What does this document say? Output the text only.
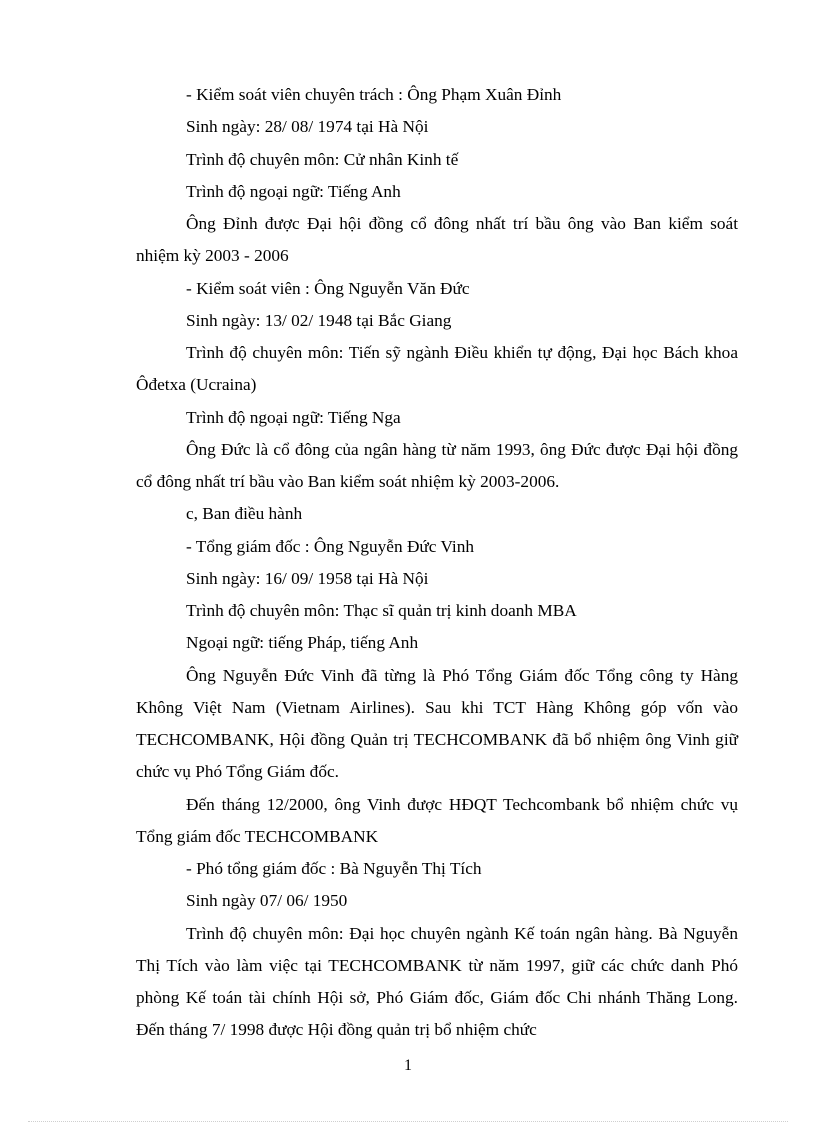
- Kiểm soát viên chuyên trách : Ông Phạm Xuân Đỉnh

Sinh ngày: 28/ 08/ 1974 tại Hà Nội

Trình độ chuyên môn: Cử nhân Kinh tế

Trình độ ngoại ngữ: Tiếng Anh

Ông Đỉnh được Đại hội đồng cổ đông nhất trí bầu ông vào Ban kiểm soát nhiệm kỳ 2003 - 2006

- Kiểm soát viên : Ông Nguyễn Văn Đức

Sinh ngày: 13/ 02/ 1948 tại Bắc Giang

Trình độ chuyên môn: Tiến sỹ ngành Điều khiển tự động, Đại học Bách khoa Ôđetxa (Ucraina)

Trình độ ngoại ngữ: Tiếng Nga

Ông Đức là cổ đông của ngân hàng từ năm 1993, ông Đức được Đại hội đồng cổ đông nhất trí bầu vào Ban kiểm soát nhiệm kỳ 2003-2006.

c, Ban điều hành

- Tổng giám đốc : Ông Nguyễn Đức Vinh

Sinh ngày: 16/ 09/ 1958 tại Hà Nội

Trình độ chuyên môn: Thạc sĩ quản trị kinh doanh MBA

Ngoại ngữ: tiếng Pháp, tiếng Anh

Ông Nguyễn Đức Vinh đã từng là Phó Tổng Giám đốc Tổng công ty Hàng Không Việt Nam (Vietnam Airlines). Sau khi TCT Hàng Không góp vốn vào TECHCOMBANK, Hội đồng Quản trị TECHCOMBANK đã bổ nhiệm ông Vinh giữ chức vụ Phó Tổng Giám đốc.

Đến tháng 12/2000, ông Vinh được HĐQT Techcombank bổ nhiệm chức vụ Tổng giám đốc TECHCOMBANK

- Phó tổng giám đốc : Bà Nguyễn Thị Tích

Sinh ngày 07/ 06/ 1950

Trình độ chuyên môn: Đại học chuyên ngành Kế toán ngân hàng. Bà Nguyễn Thị Tích vào làm việc tại TECHCOMBANK từ năm 1997, giữ các chức danh Phó phòng Kế toán tài chính Hội sở, Phó Giám đốc, Giám đốc Chi nhánh Thăng Long. Đến tháng 7/ 1998 được Hội đồng quản trị bổ nhiệm chức

1
